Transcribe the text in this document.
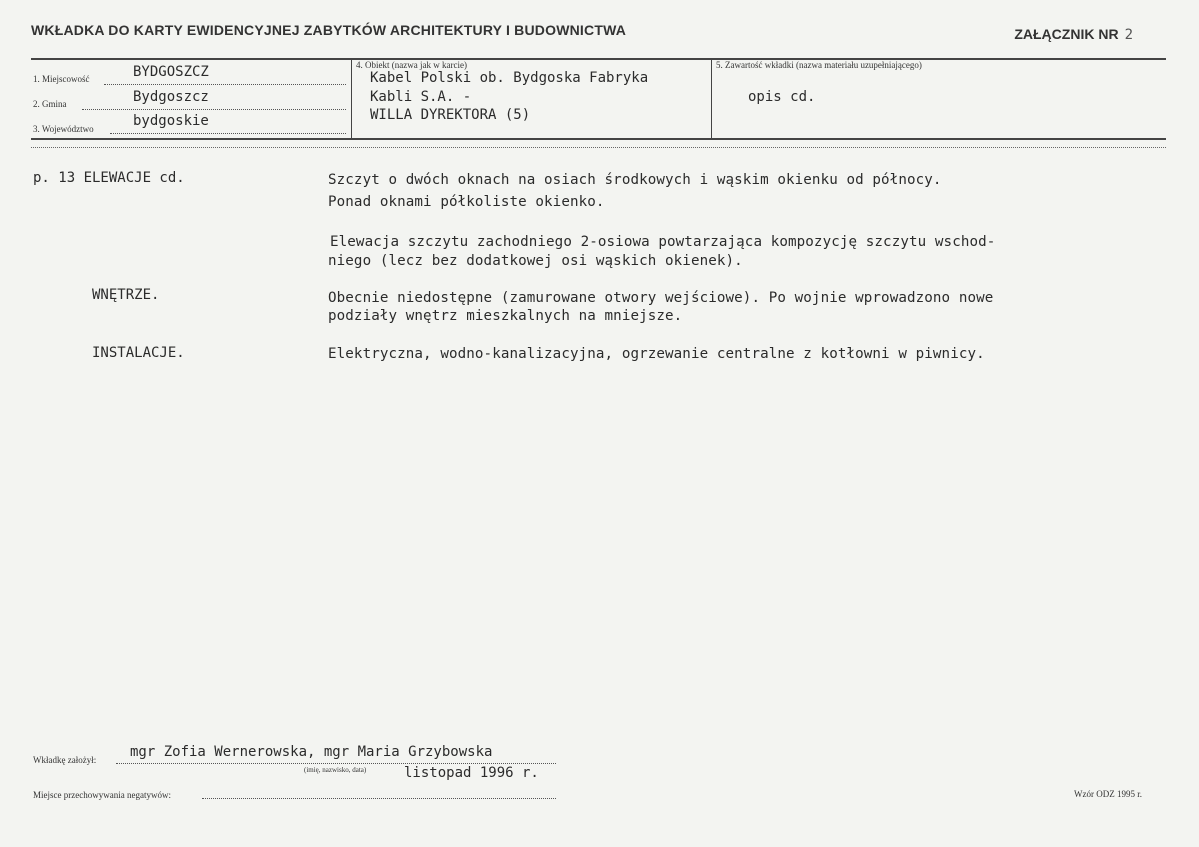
WKŁADKA DO KARTY EWIDENCYJNEJ ZABYTKÓW ARCHITEKTURY I BUDOWNICTWA	ZAŁĄCZNIK NR 2
1. Miejscowość	BYDGOSZCZ
2. Gmina	Bydgoszcz
3. Województwo	bydgoskie
4. Obiekt (nazwa jak w karcie)
Kabel Polski ob. Bydgoska Fabryka
Kabli S.A. -
WILLA DYREKTORA (5)
5. Zawartość wkładki (nazwa materiału uzupełniającego)
opis cd.
p. 13 ELEWACJE cd.	Szczyt o dwóch oknach na osiach środkowych i wąskim okienku od północy.
Ponad oknami półkoliste okienko.
Elewacja szczytu zachodniego 2-osiowa powtarzająca kompozycję szczytu wschod-
niego (lecz bez dodatkowej osi wąskich okienek).
WNĘTRZE.	Obecnie niedostępne (zamurowane otwory wejściowe). Po wojnie wprowadzono nowe
podziały wnętrz mieszkalnych na mniejsze.
INSTALACJE.	Elektryczna, wodno-kanalizacyjna, ogrzewanie centralne z kotłowni w piwnicy.
Wkładkę założył: mgr Zofia Wernerowska, mgr Maria Grzybowska
(imię, nazwisko, data)	listopad 1996 r.
Miejsce przechowywania negatywów:	Wzór ODZ 1995 r.
